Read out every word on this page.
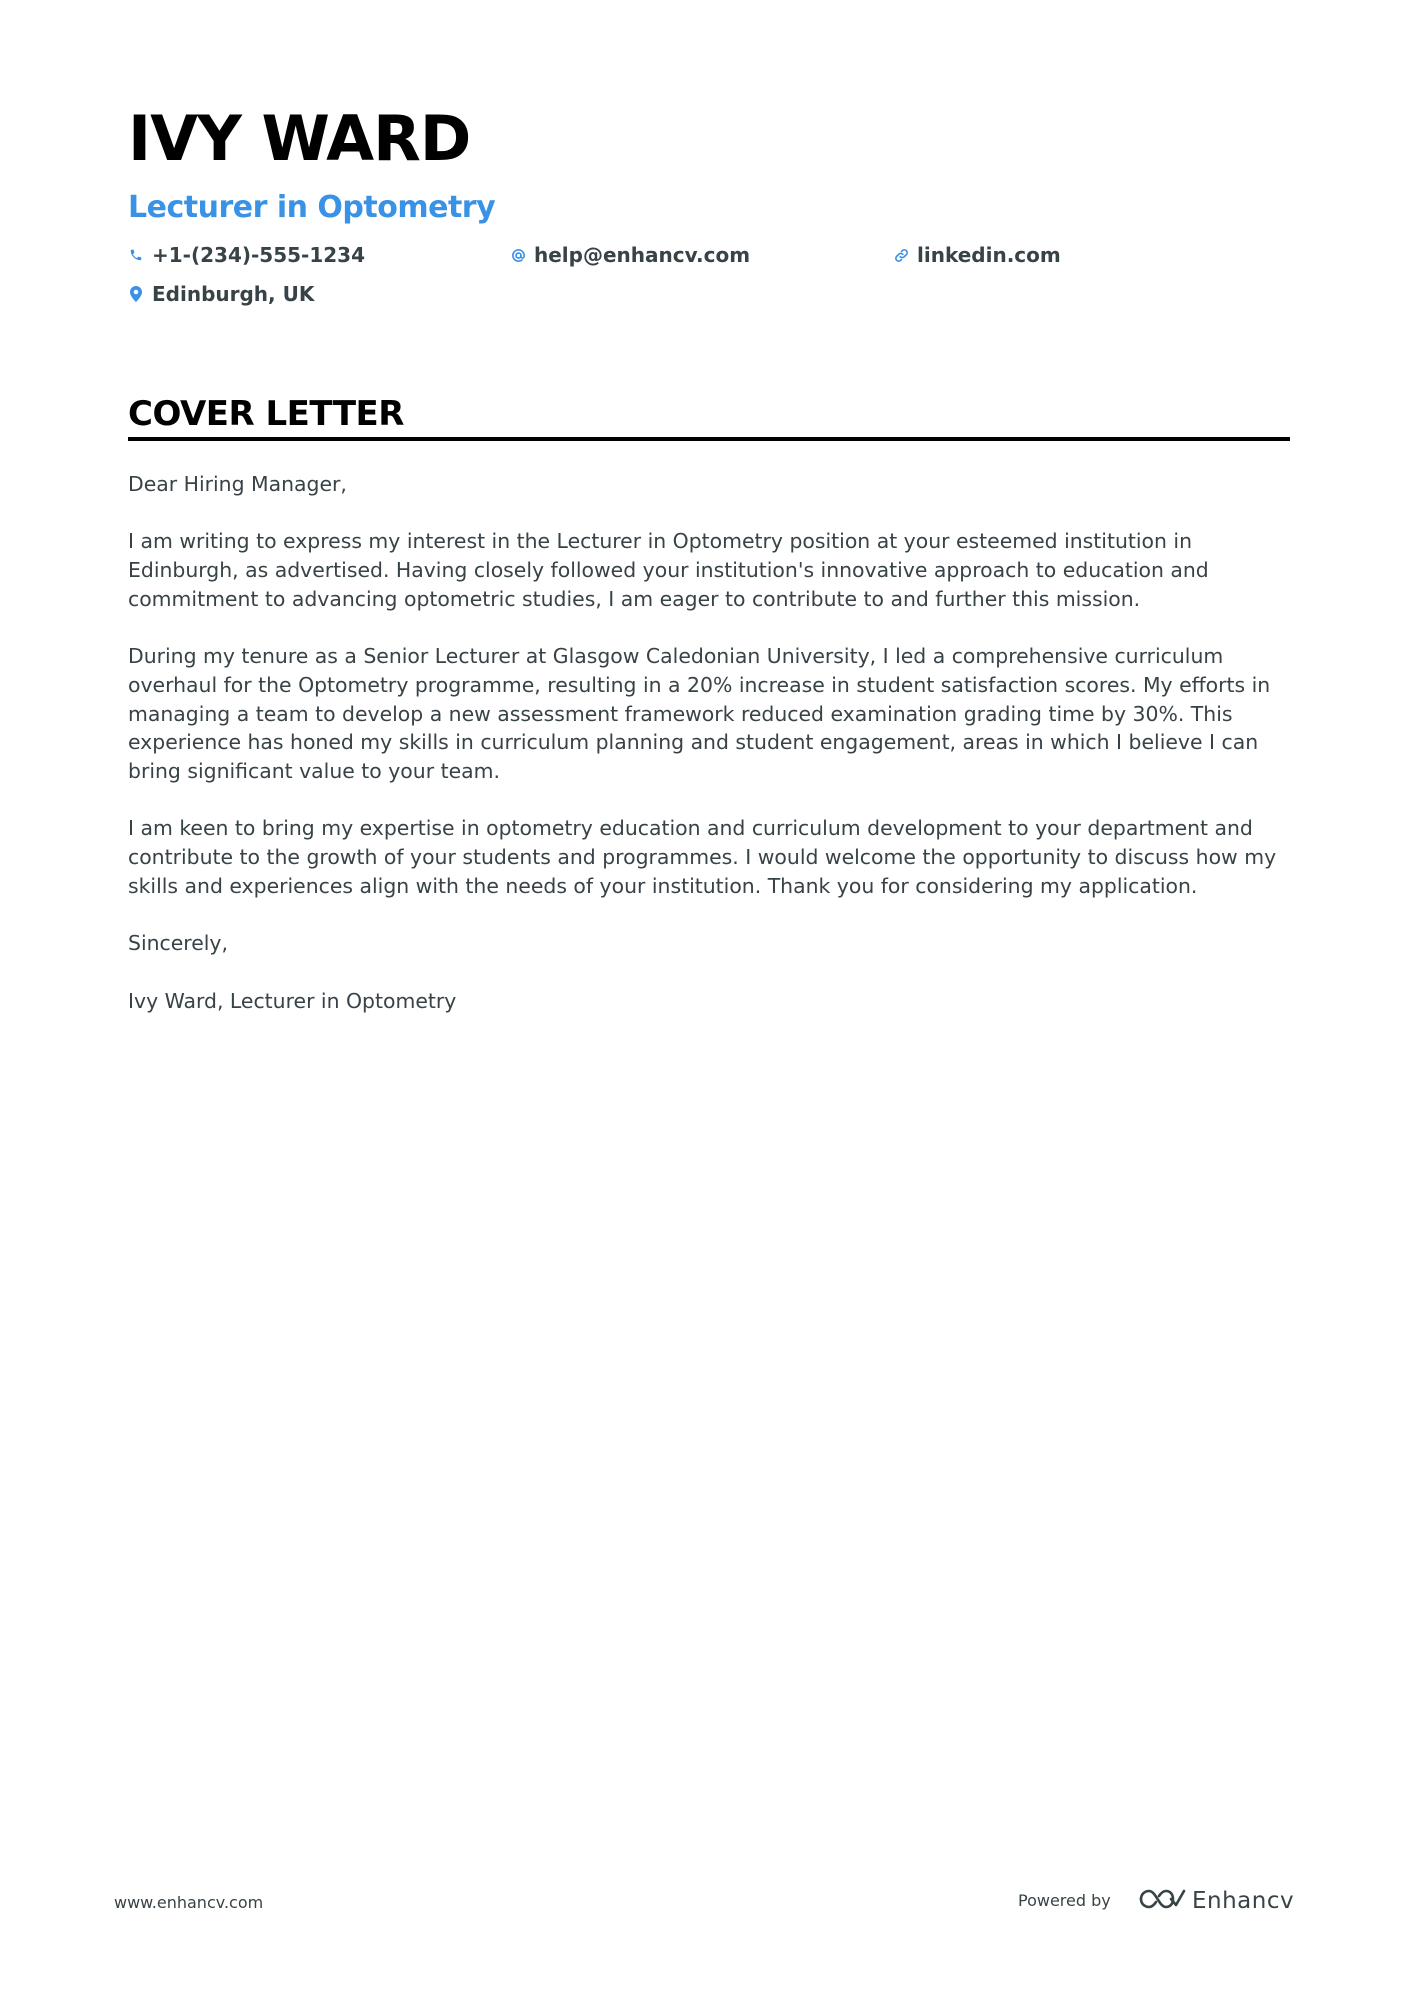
IVY WARD
Lecturer in Optometry
+1-(234)-555-1234	help@enhancv.com	linkedin.com
Edinburgh, UK
COVER LETTER

Dear Hiring Manager,

I am writing to express my interest in the Lecturer in Optometry position at your esteemed institution in Edinburgh, as advertised. Having closely followed your institution's innovative approach to education and commitment to advancing optometric studies, I am eager to contribute to and further this mission.

During my tenure as a Senior Lecturer at Glasgow Caledonian University, I led a comprehensive curriculum overhaul for the Optometry programme, resulting in a 20% increase in student satisfaction scores. My efforts in managing a team to develop a new assessment framework reduced examination grading time by 30%. This experience has honed my skills in curriculum planning and student engagement, areas in which I believe I can bring significant value to your team.

I am keen to bring my expertise in optometry education and curriculum development to your department and contribute to the growth of your students and programmes. I would welcome the opportunity to discuss how my skills and experiences align with the needs of your institution. Thank you for considering my application.

Sincerely,

Ivy Ward, Lecturer in Optometry

www.enhancv.com	Powered by	Enhancv
